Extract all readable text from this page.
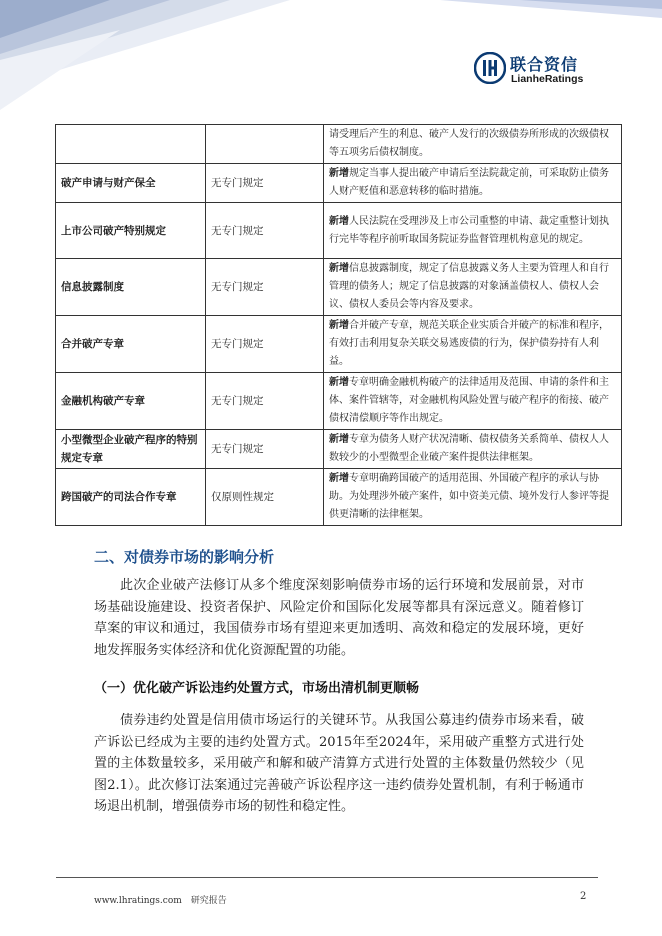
联合资信
LianheRatings
		请受理后产生的利息、破产人发行的次级债券所形成的次级债权等五项劣后债权制度。
破产申请与财产保全	无专门规定	新增规定当事人提出破产申请后至法院裁定前，可采取防止债务人财产贬值和恶意转移的临时措施。
上市公司破产特别规定	无专门规定	新增人民法院在受理涉及上市公司重整的申请、裁定重整计划执行完毕等程序前听取国务院证券监督管理机构意见的规定。
信息披露制度	无专门规定	新增信息披露制度，规定了信息披露义务人主要为管理人和自行管理的债务人；规定了信息披露的对象涵盖债权人、债权人会议、债权人委员会等内容及要求。
合并破产专章	无专门规定	新增合并破产专章，规范关联企业实质合并破产的标准和程序，有效打击利用复杂关联交易逃废债的行为，保护债券持有人利益。
金融机构破产专章	无专门规定	新增专章明确金融机构破产的法律适用及范围、申请的条件和主体、案件管辖等，对金融机构风险处置与破产程序的衔接、破产债权清偿顺序等作出规定。
小型微型企业破产程序的特别规定专章	无专门规定	新增专章为债务人财产状况清晰、债权债务关系简单、债权人人数较少的小型微型企业破产案件提供法律框架。
跨国破产的司法合作专章	仅原则性规定	新增专章明确跨国破产的适用范围、外国破产程序的承认与协助。为处理涉外破产案件，如中资美元债、境外发行人参评等提供更清晰的法律框架。
二、对债券市场的影响分析

此次企业破产法修订从多个维度深刻影响债券市场的运行环境和发展前景，对市场基础设施建设、投资者保护、风险定价和国际化发展等都具有深远意义。随着修订草案的审议和通过，我国债券市场有望迎来更加透明、高效和稳定的发展环境，更好地发挥服务实体经济和优化资源配置的功能。

（一）优化破产诉讼违约处置方式，市场出清机制更顺畅

债券违约处置是信用债市场运行的关键环节。从我国公募违约债券市场来看，破产诉讼已经成为主要的违约处置方式。2015年至2024年，采用破产重整方式进行处置的主体数量较多，采用破产和解和破产清算方式进行处置的主体数量仍然较少（见图2.1）。此次修订法案通过完善破产诉讼程序这一违约债券处置机制，有利于畅通市场退出机制，增强债券市场的韧性和稳定性。

www.lhratings.com　研究报告	2
